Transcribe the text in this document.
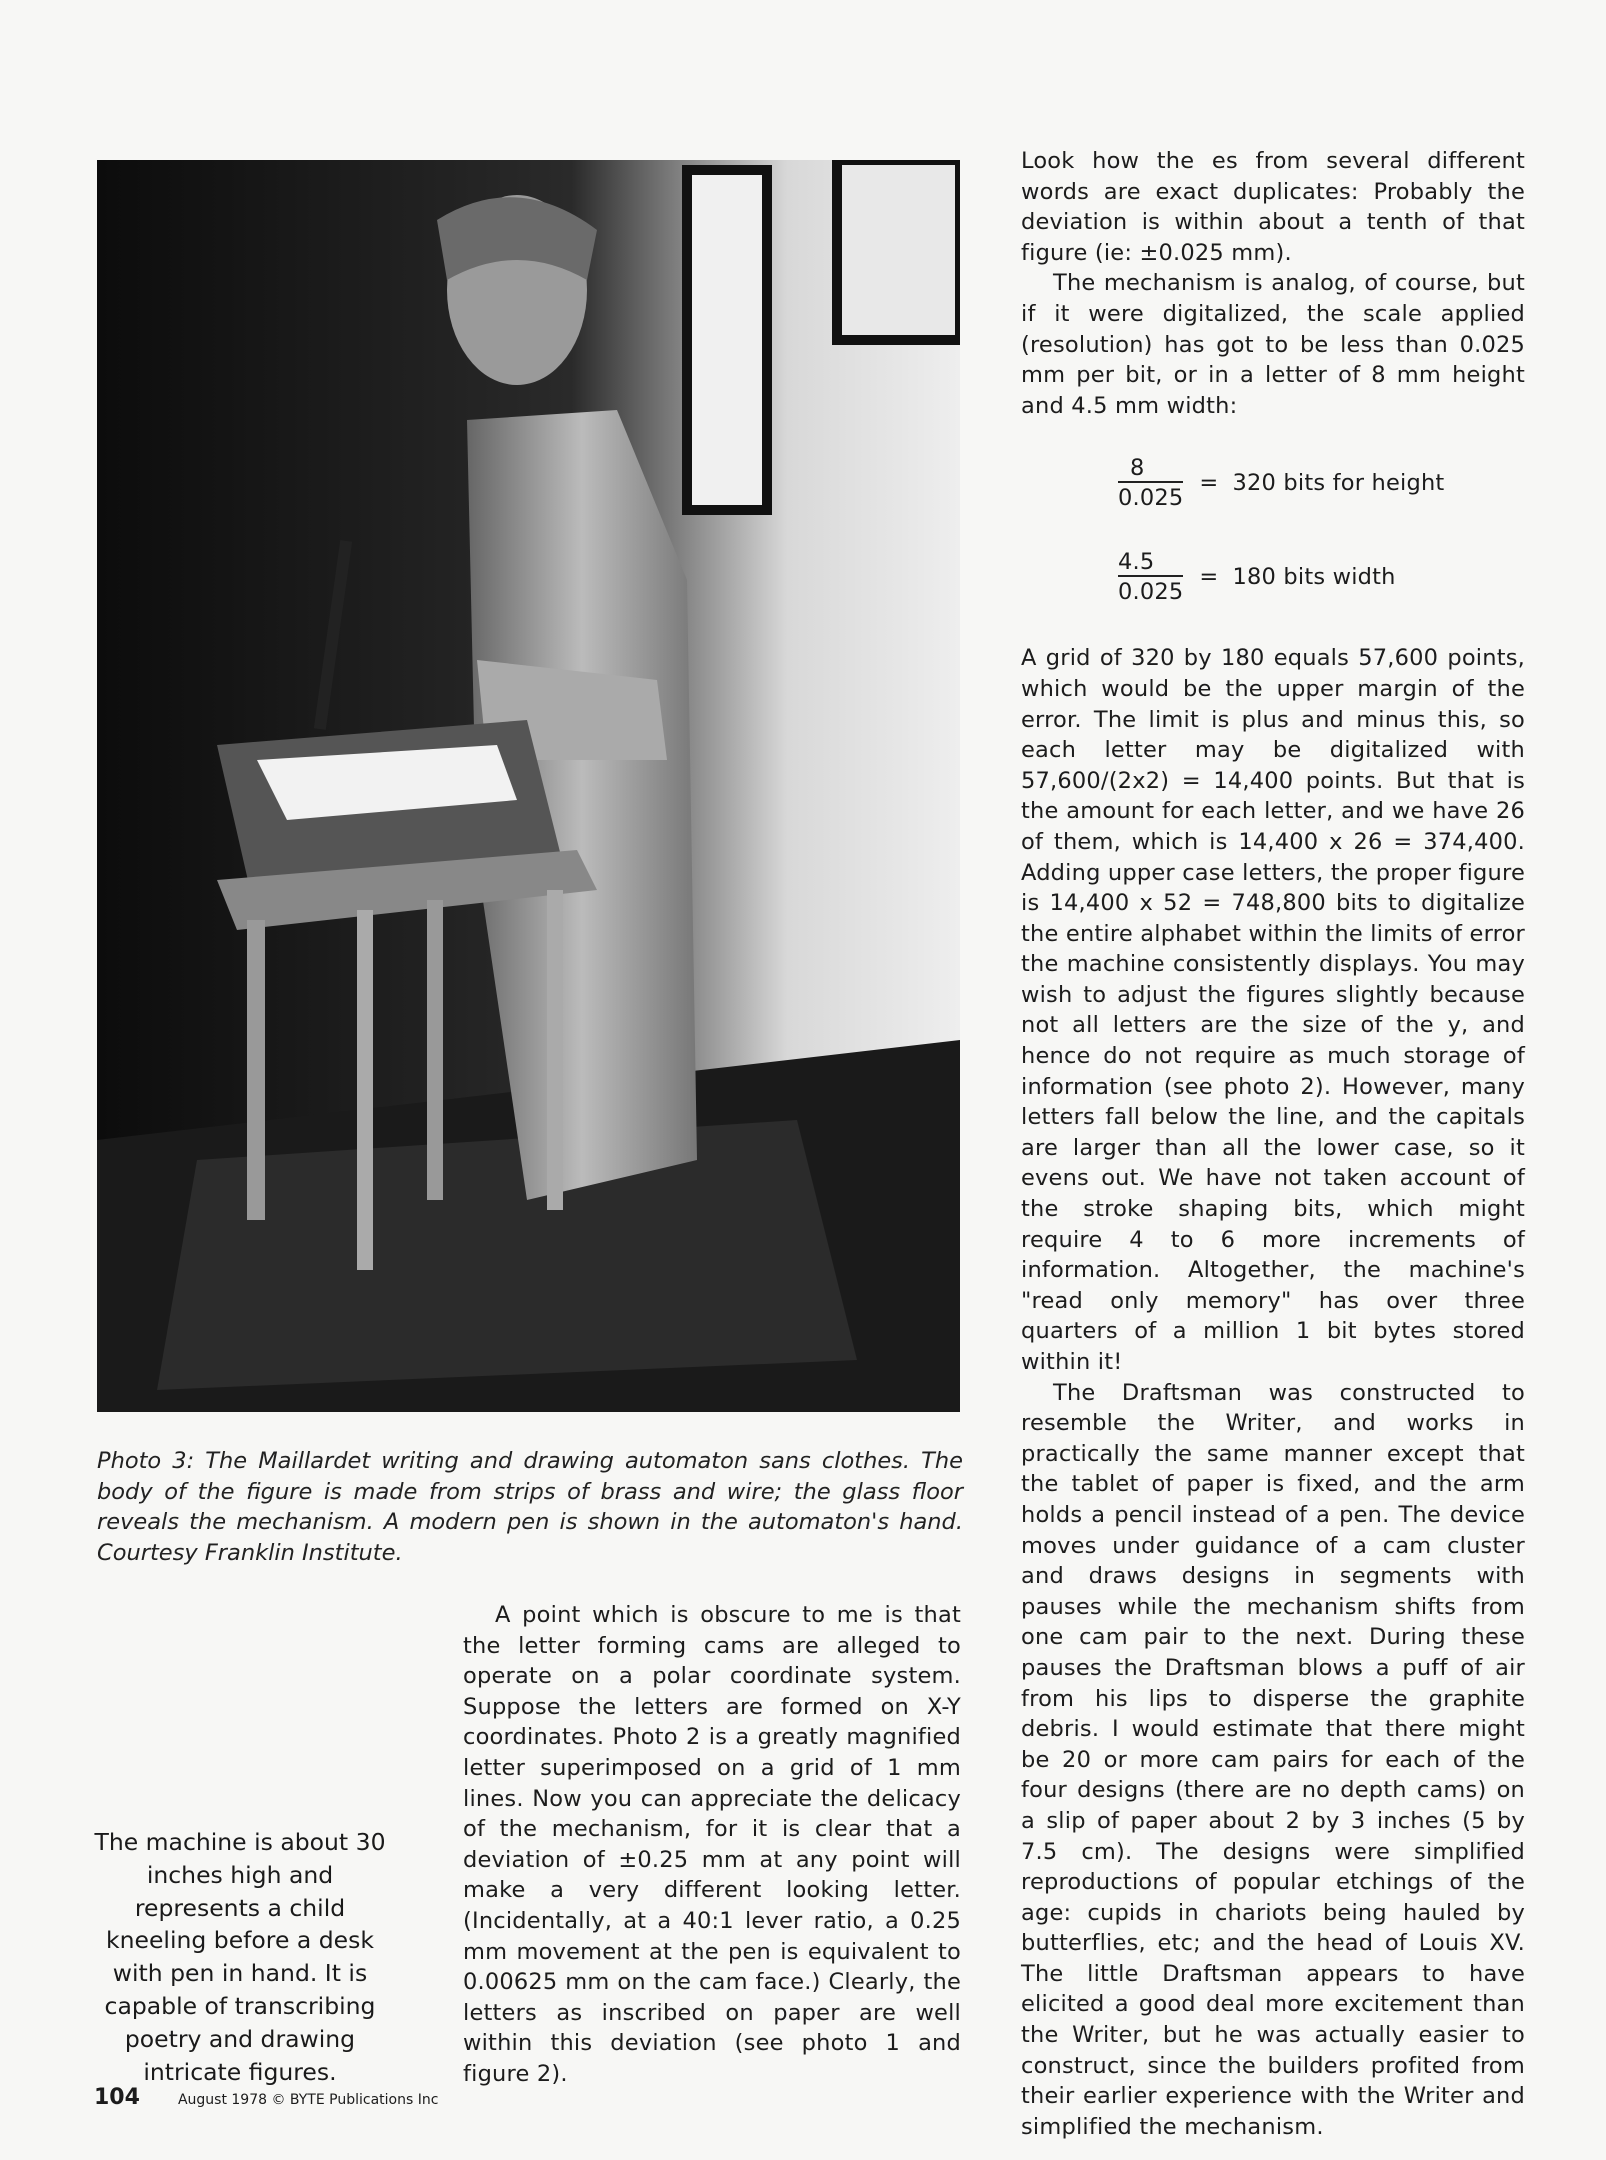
Photo 3: The Maillardet writing and drawing automaton sans clothes. The body of the figure is made from strips of brass and wire; the glass floor reveals the mechanism. A modern pen is shown in the automaton's hand. Courtesy Franklin Institute.
The machine is about 30 inches high and represents a child kneeling before a desk with pen in hand. It is capable of transcribing poetry and drawing intricate figures.

A point which is obscure to me is that the letter forming cams are alleged to operate on a polar coordinate system. Suppose the letters are formed on X-Y coordinates. Photo 2 is a greatly magnified letter superimposed on a grid of 1 mm lines. Now you can appreciate the delicacy of the mechanism, for it is clear that a deviation of ±0.25 mm at any point will make a very different looking letter. (Incidentally, at a 40:1 lever ratio, a 0.25 mm movement at the pen is equivalent to 0.00625 mm on the cam face.) Clearly, the letters as inscribed on paper are well within this deviation (see photo 1 and figure 2).

Look how the es from several different words are exact duplicates: Probably the deviation is within about a tenth of that figure (ie: ±0.025 mm).

The mechanism is analog, of course, but if it were digitalized, the scale applied (resolution) has got to be less than 0.025 mm per bit, or in a letter of 8 mm height and 4.5 mm width:

$\frac{8}{0.025} = 320$ bits for height
$\frac{4.5}{0.025} = 180$ bits width

A grid of 320 by 180 equals 57,600 points, which would be the upper margin of the error. The limit is plus and minus this, so each letter may be digitalized with 57,600/(2x2) = 14,400 points. But that is the amount for each letter, and we have 26 of them, which is 14,400 x 26 = 374,400. Adding upper case letters, the proper figure is 14,400 x 52 = 748,800 bits to digitalize the entire alphabet within the limits of error the machine consistently displays. You may wish to adjust the figures slightly because not all letters are the size of the y, and hence do not require as much storage of information (see photo 2). However, many letters fall below the line, and the capitals are larger than all the lower case, so it evens out. We have not taken account of the stroke shaping bits, which might require 4 to 6 more increments of information. Altogether, the machine's "read only memory" has over three quarters of a million 1 bit bytes stored within it!

The Draftsman was constructed to resemble the Writer, and works in practically the same manner except that the tablet of paper is fixed, and the arm holds a pencil instead of a pen. The device moves under guidance of a cam cluster and draws designs in segments with pauses while the mechanism shifts from one cam pair to the next. During these pauses the Draftsman blows a puff of air from his lips to disperse the graphite debris. I would estimate that there might be 20 or more cam pairs for each of the four designs (there are no depth cams) on a slip of paper about 2 by 3 inches (5 by 7.5 cm). The designs were simplified reproductions of popular etchings of the age: cupids in chariots being hauled by butterflies, etc; and the head of Louis XV. The little Draftsman appears to have elicited a good deal more excitement than the Writer, but he was actually easier to construct, since the builders profited from their earlier experience with the Writer and simplified the mechanism.

104	August 1978 © BYTE Publications Inc
